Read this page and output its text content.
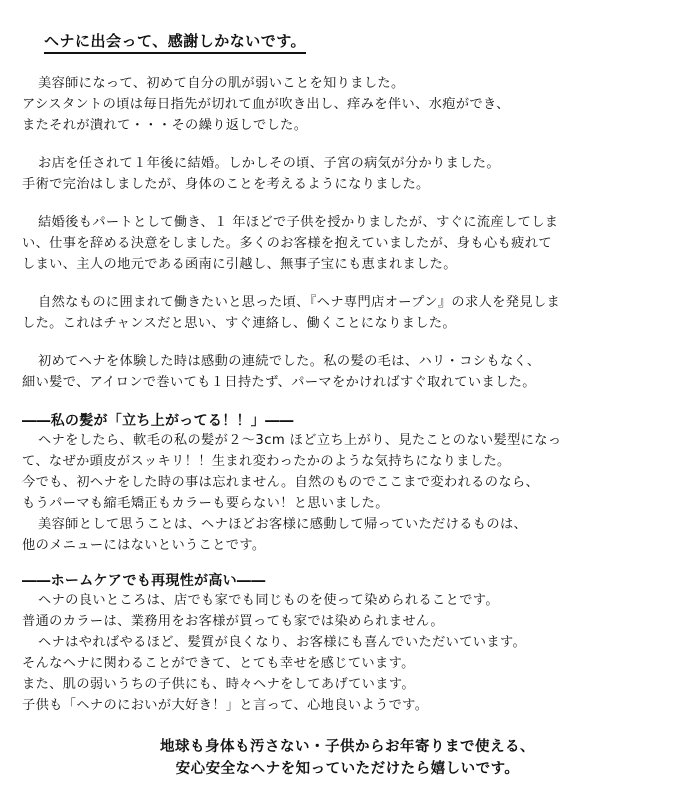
ヘナに出会って、感謝しかないです。
美容師になって、初めて自分の肌が弱いことを知りました。
アシスタントの頃は毎日指先が切れて血が吹き出し、痒みを伴い、水疱ができ、
またそれが潰れて・・・その繰り返しでした。
お店を任されて１年後に結婚。しかしその頃、子宮の病気が分かりました。
手術で完治はしましたが、身体のことを考えるようになりました。
結婚後もパートとして働き、１ 年ほどで子供を授かりましたが、すぐに流産してしま
い、仕事を辞める決意をしました。多くのお客様を抱えていましたが、身も心も疲れて
しまい、主人の地元である函南に引越し、無事子宝にも恵まれました。
自然なものに囲まれて働きたいと思った頃、『ヘナ専門店オープン』の求人を発見しま
した。これはチャンスだと思い、すぐ連絡し、働くことになりました。
初めてヘナを体験した時は感動の連続でした。私の髪の毛は、ハリ・コシもなく、
細い髪で、アイロンで巻いても１日持たず、パーマをかければすぐ取れていました。
――私の髪が「立ち上がってる！！」――
ヘナをしたら、軟毛の私の髪が２～3cm ほど立ち上がり、見たことのない髪型になっ
て、なぜか頭皮がスッキリ！！生まれ変わったかのような気持ちになりました。
今でも、初ヘナをした時の事は忘れません。自然のものでここまで変われるのなら、
もうパーマも縮毛矯正もカラーも要らない！と思いました。
美容師として思うことは、ヘナほどお客様に感動して帰っていただけるものは、
他のメニューにはないということです。
――ホームケアでも再現性が高い――
ヘナの良いところは、店でも家でも同じものを使って染められることです。
普通のカラーは、業務用をお客様が買っても家では染められません。
ヘナはやればやるほど、髪質が良くなり、お客様にも喜んでいただいています。
そんなヘナに関わることができて、とても幸せを感じています。
また、肌の弱いうちの子供にも、時々ヘナをしてあげています。
子供も「ヘナのにおいが大好き！」と言って、心地良いようです。
地球も身体も汚さない・子供からお年寄りまで使える、
安心安全なヘナを知っていただけたら嬉しいです。
